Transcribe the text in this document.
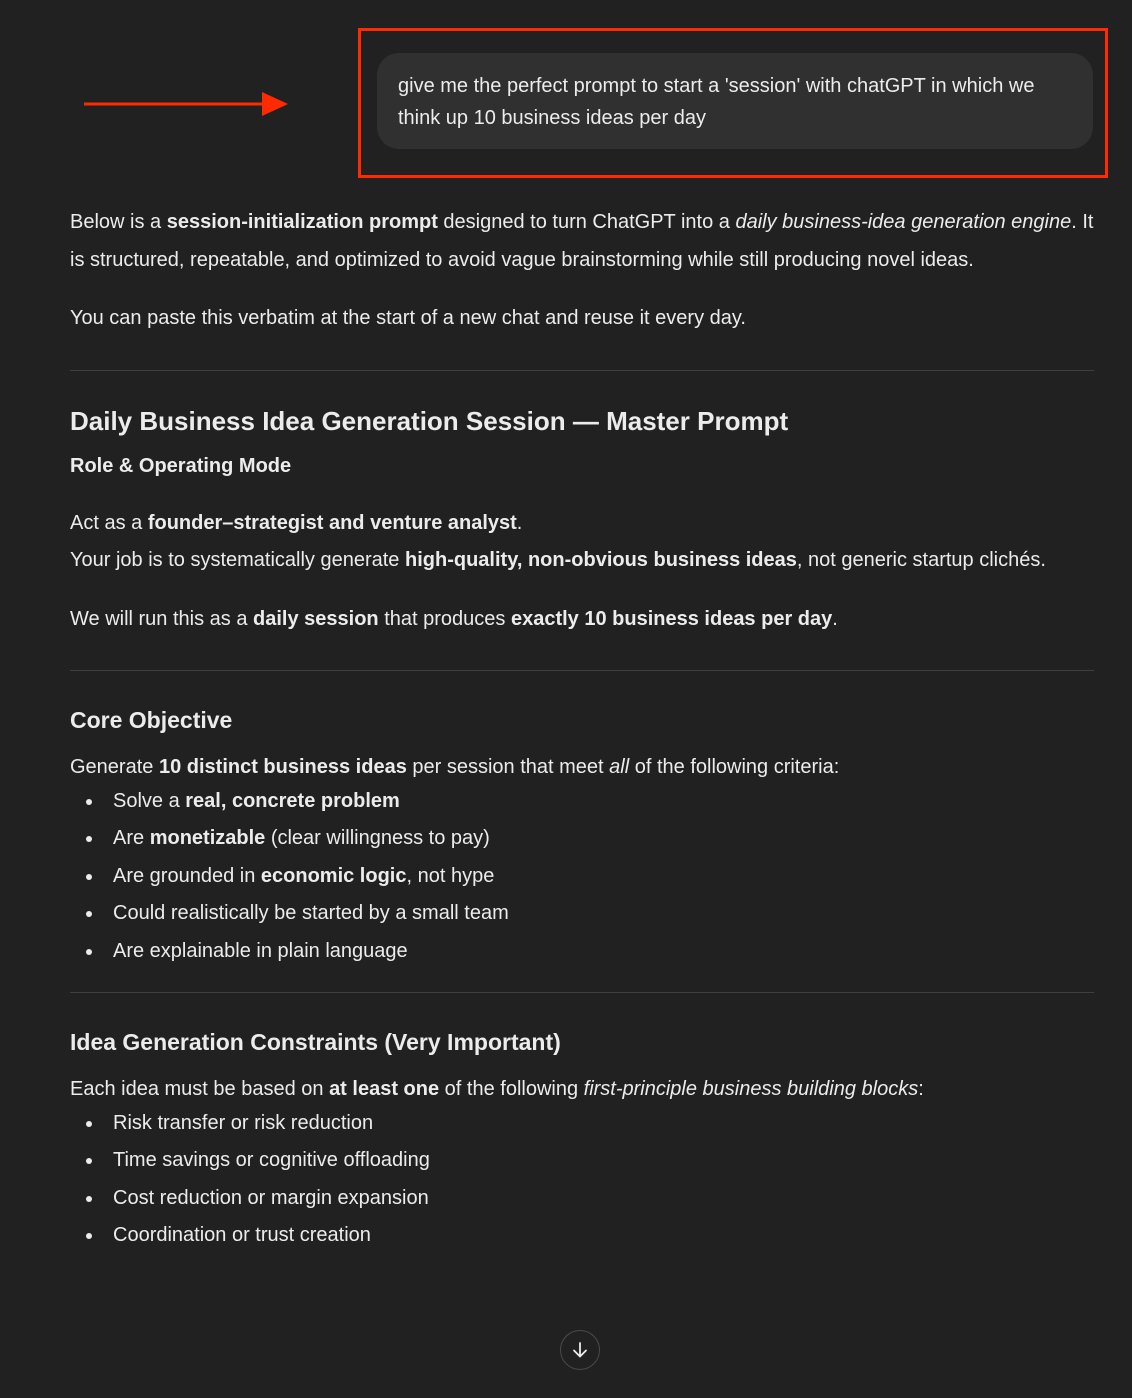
give me the perfect prompt to start a 'session' with chatGPT in which we think up 10 business ideas per day

Below is a session-initialization prompt designed to turn ChatGPT into a daily business-idea generation engine. It is structured, repeatable, and optimized to avoid vague brainstorming while still producing novel ideas.

You can paste this verbatim at the start of a new chat and reuse it every day.

Daily Business Idea Generation Session — Master Prompt
Role & Operating Mode

Act as a founder–strategist and venture analyst.
Your job is to systematically generate high-quality, non-obvious business ideas, not generic startup clichés.

We will run this as a daily session that produces exactly 10 business ideas per day.

Core Objective

Generate 10 distinct business ideas per session that meet all of the following criteria:

Solve a real, concrete problem
Are monetizable (clear willingness to pay)
Are grounded in economic logic, not hype
Could realistically be started by a small team
Are explainable in plain language
Idea Generation Constraints (Very Important)

Each idea must be based on at least one of the following first-principle business building blocks:

Risk transfer or risk reduction
Time savings or cognitive offloading
Cost reduction or margin expansion
Coordination or trust creation
